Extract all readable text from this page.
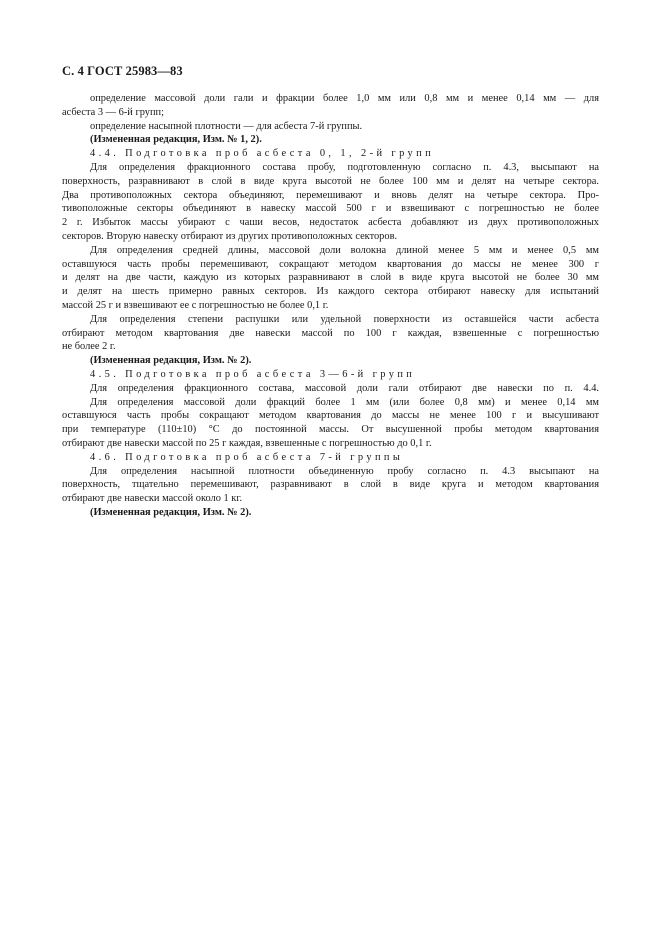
С. 4 ГОСТ 25983—83
определение массовой доли гали и фракции более 1,0 мм или 0,8 мм и менее 0,14 мм — для
асбеста 3 — 6-й групп;
определение насыпной плотности — для асбеста 7-й группы.
(Измененная редакция, Изм. № 1, 2).
4.4. Подготовка проб асбеста 0, 1, 2-й групп
Для определения фракционного состава пробу, подготовленную согласно п. 4.3, высыпают на
поверхность, разравнивают в слой в виде круга высотой не более 100 мм и делят на четыре сектора.
Два противоположных сектора объединяют, перемешивают и вновь делят на четыре сектора. Про-
тивоположные секторы объединяют в навеску массой 500 г и взвешивают с погрешностью не более
2 г. Избыток массы убирают с чаши весов, недостаток асбеста добавляют из двух противоположных
секторов. Вторую навеску отбирают из других противоположных секторов.
Для определения средней длины, массовой доли волокна длиной менее 5 мм и менее 0,5 мм
оставшуюся часть пробы перемешивают, сокращают методом квартования до массы не менее 300 г
и делят на две части, каждую из которых разравнивают в слой в виде круга высотой не более 30 мм
и делят на шесть примерно равных секторов. Из каждого сектора отбирают навеску для испытаний
массой 25 г и взвешивают ее с погрешностью не более 0,1 г.
Для определения степени распушки или удельной поверхности из оставшейся части асбеста
отбирают методом квартования две навески массой по 100 г каждая, взвешенные с погрешностью
не более 2 г.
(Измененная редакция, Изм. № 2).
4.5. Подготовка проб асбеста 3—6-й групп
Для определения фракционного состава, массовой доли гали отбирают две навески по п. 4.4.
Для определения массовой доли фракций более 1 мм (или более 0,8 мм) и менее 0,14 мм
оставшуюся часть пробы сокращают методом квартования до массы не менее 100 г и высушивают
при температуре (110±10) °С до постоянной массы. От высушенной пробы методом квартования
отбирают две навески массой по 25 г каждая, взвешенные с погрешностью до 0,1 г.
4.6. Подготовка проб асбеста 7-й группы
Для определения насыпной плотности объединенную пробу согласно п. 4.3 высыпают на
поверхность, тщательно перемешивают, разравнивают в слой в виде круга и методом квартования
отбирают две навески массой около 1 кг.
(Измененная редакция, Изм. № 2).
